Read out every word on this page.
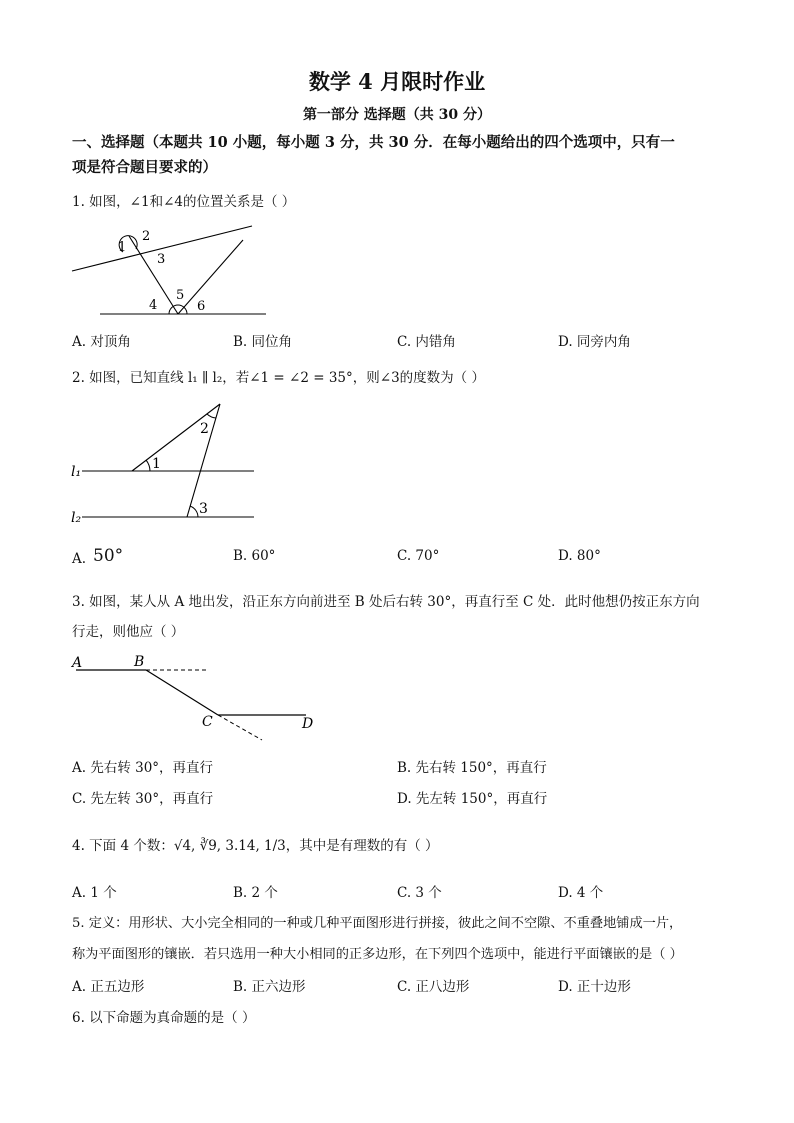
数学 4 月限时作业
第一部分 选择题（共 30 分）
一、选择题（本题共 10 小题，每小题 3 分，共 30 分．在每小题给出的四个选项中，只有一
项是符合题目要求的）
1. 如图，∠1和∠4的位置关系是（ ）
1
2
3
4
5
6
A. 对顶角	B. 同位角	C. 内错角	D. 同旁内角
2. 如图，已知直线 l₁ ∥ l₂，若∠1 = ∠2 = 35°，则∠3的度数为（ ）
1
2
3
l₁
l₂
A. 50°	B. 60°	C. 70°	D. 80°
3. 如图，某人从 A 地出发，沿正东方向前进至 B 处后右转 30°，再直行至 C 处．此时他想仍按正东方向
行走，则他应（ ）
A	B
C	D
A. 先右转 30°，再直行	B. 先右转 150°，再直行
C. 先左转 30°，再直行	D. 先左转 150°，再直行
4. 下面 4 个数：√4, ∛9, 3.14, 1/3，其中是有理数的有（ ）
A. 1 个	B. 2 个	C. 3 个	D. 4 个
5. 定义：用形状、大小完全相同的一种或几种平面图形进行拼接，彼此之间不空隙、不重叠地铺成一片，
称为平面图形的镶嵌．若只选用一种大小相同的正多边形，在下列四个选项中，能进行平面镶嵌的是（ ）
A. 正五边形	B. 正六边形	C. 正八边形	D. 正十边形
6. 以下命题为真命题的是（ ）
